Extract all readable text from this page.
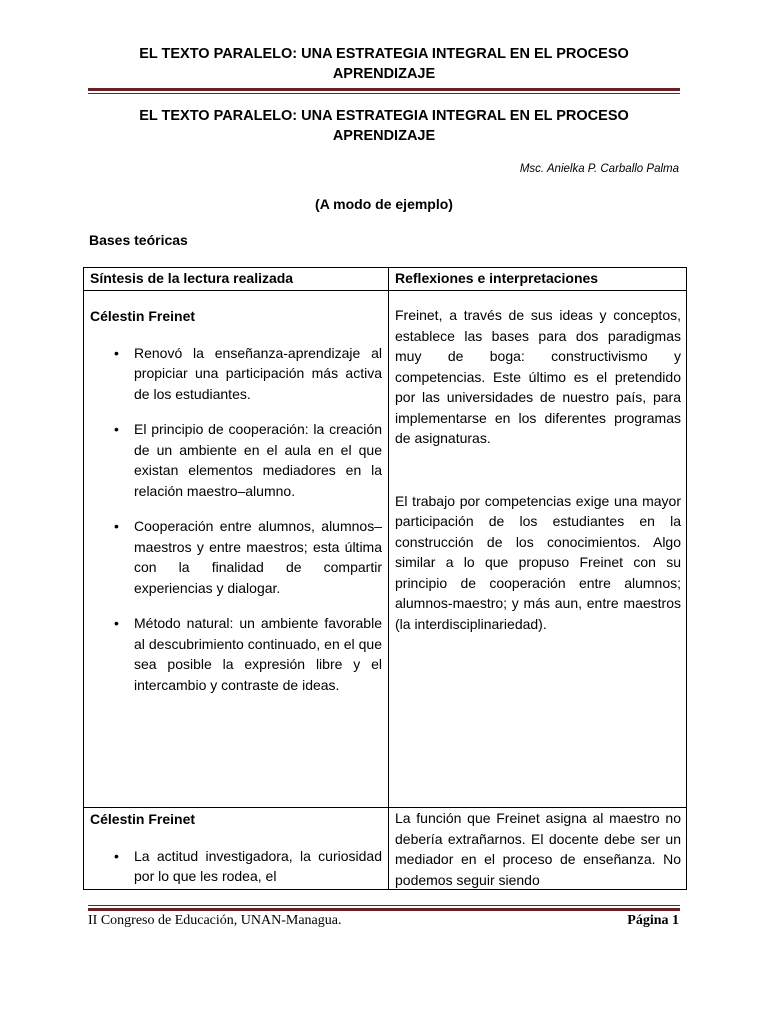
EL TEXTO PARALELO: UNA ESTRATEGIA INTEGRAL EN EL PROCESO
APRENDIZAJE
EL TEXTO PARALELO: UNA ESTRATEGIA INTEGRAL EN EL PROCESO
APRENDIZAJE
Msc. Anielka P. Carballo Palma
(A modo de ejemplo)
Bases teóricas
Síntesis de la lectura realizada	Reflexiones e interpretaciones
Célestin Freinet
• Renovó la enseñanza-aprendizaje al propiciar una participación más activa de los estudiantes.
• El principio de cooperación: la creación de un ambiente en el aula en el que existan elementos mediadores en la relación maestro–alumno.
• Cooperación entre alumnos, alumnos–maestros y entre maestros; esta última con la finalidad de compartir experiencias y dialogar.
• Método natural: un ambiente favorable al descubrimiento continuado, en el que sea posible la expresión libre y el intercambio y contraste de ideas.

Freinet, a través de sus ideas y conceptos, establece las bases para dos paradigmas muy de boga: constructivismo y competencias. Este último es el pretendido por las universidades de nuestro país, para implementarse en los diferentes programas de asignaturas.

El trabajo por competencias exige una mayor participación de los estudiantes en la construcción de los conocimientos. Algo similar a lo que propuso Freinet con su principio de cooperación entre alumnos; alumnos-maestro; y más aun, entre maestros (la interdisciplinariedad).

Célestin Freinet
• La actitud investigadora, la curiosidad por lo que les rodea, el

La función que Freinet asigna al maestro no debería extrañarnos. El docente debe ser un mediador en el proceso de enseñanza. No podemos seguir siendo

II Congreso de Educación, UNAN-Managua.	Página 1
